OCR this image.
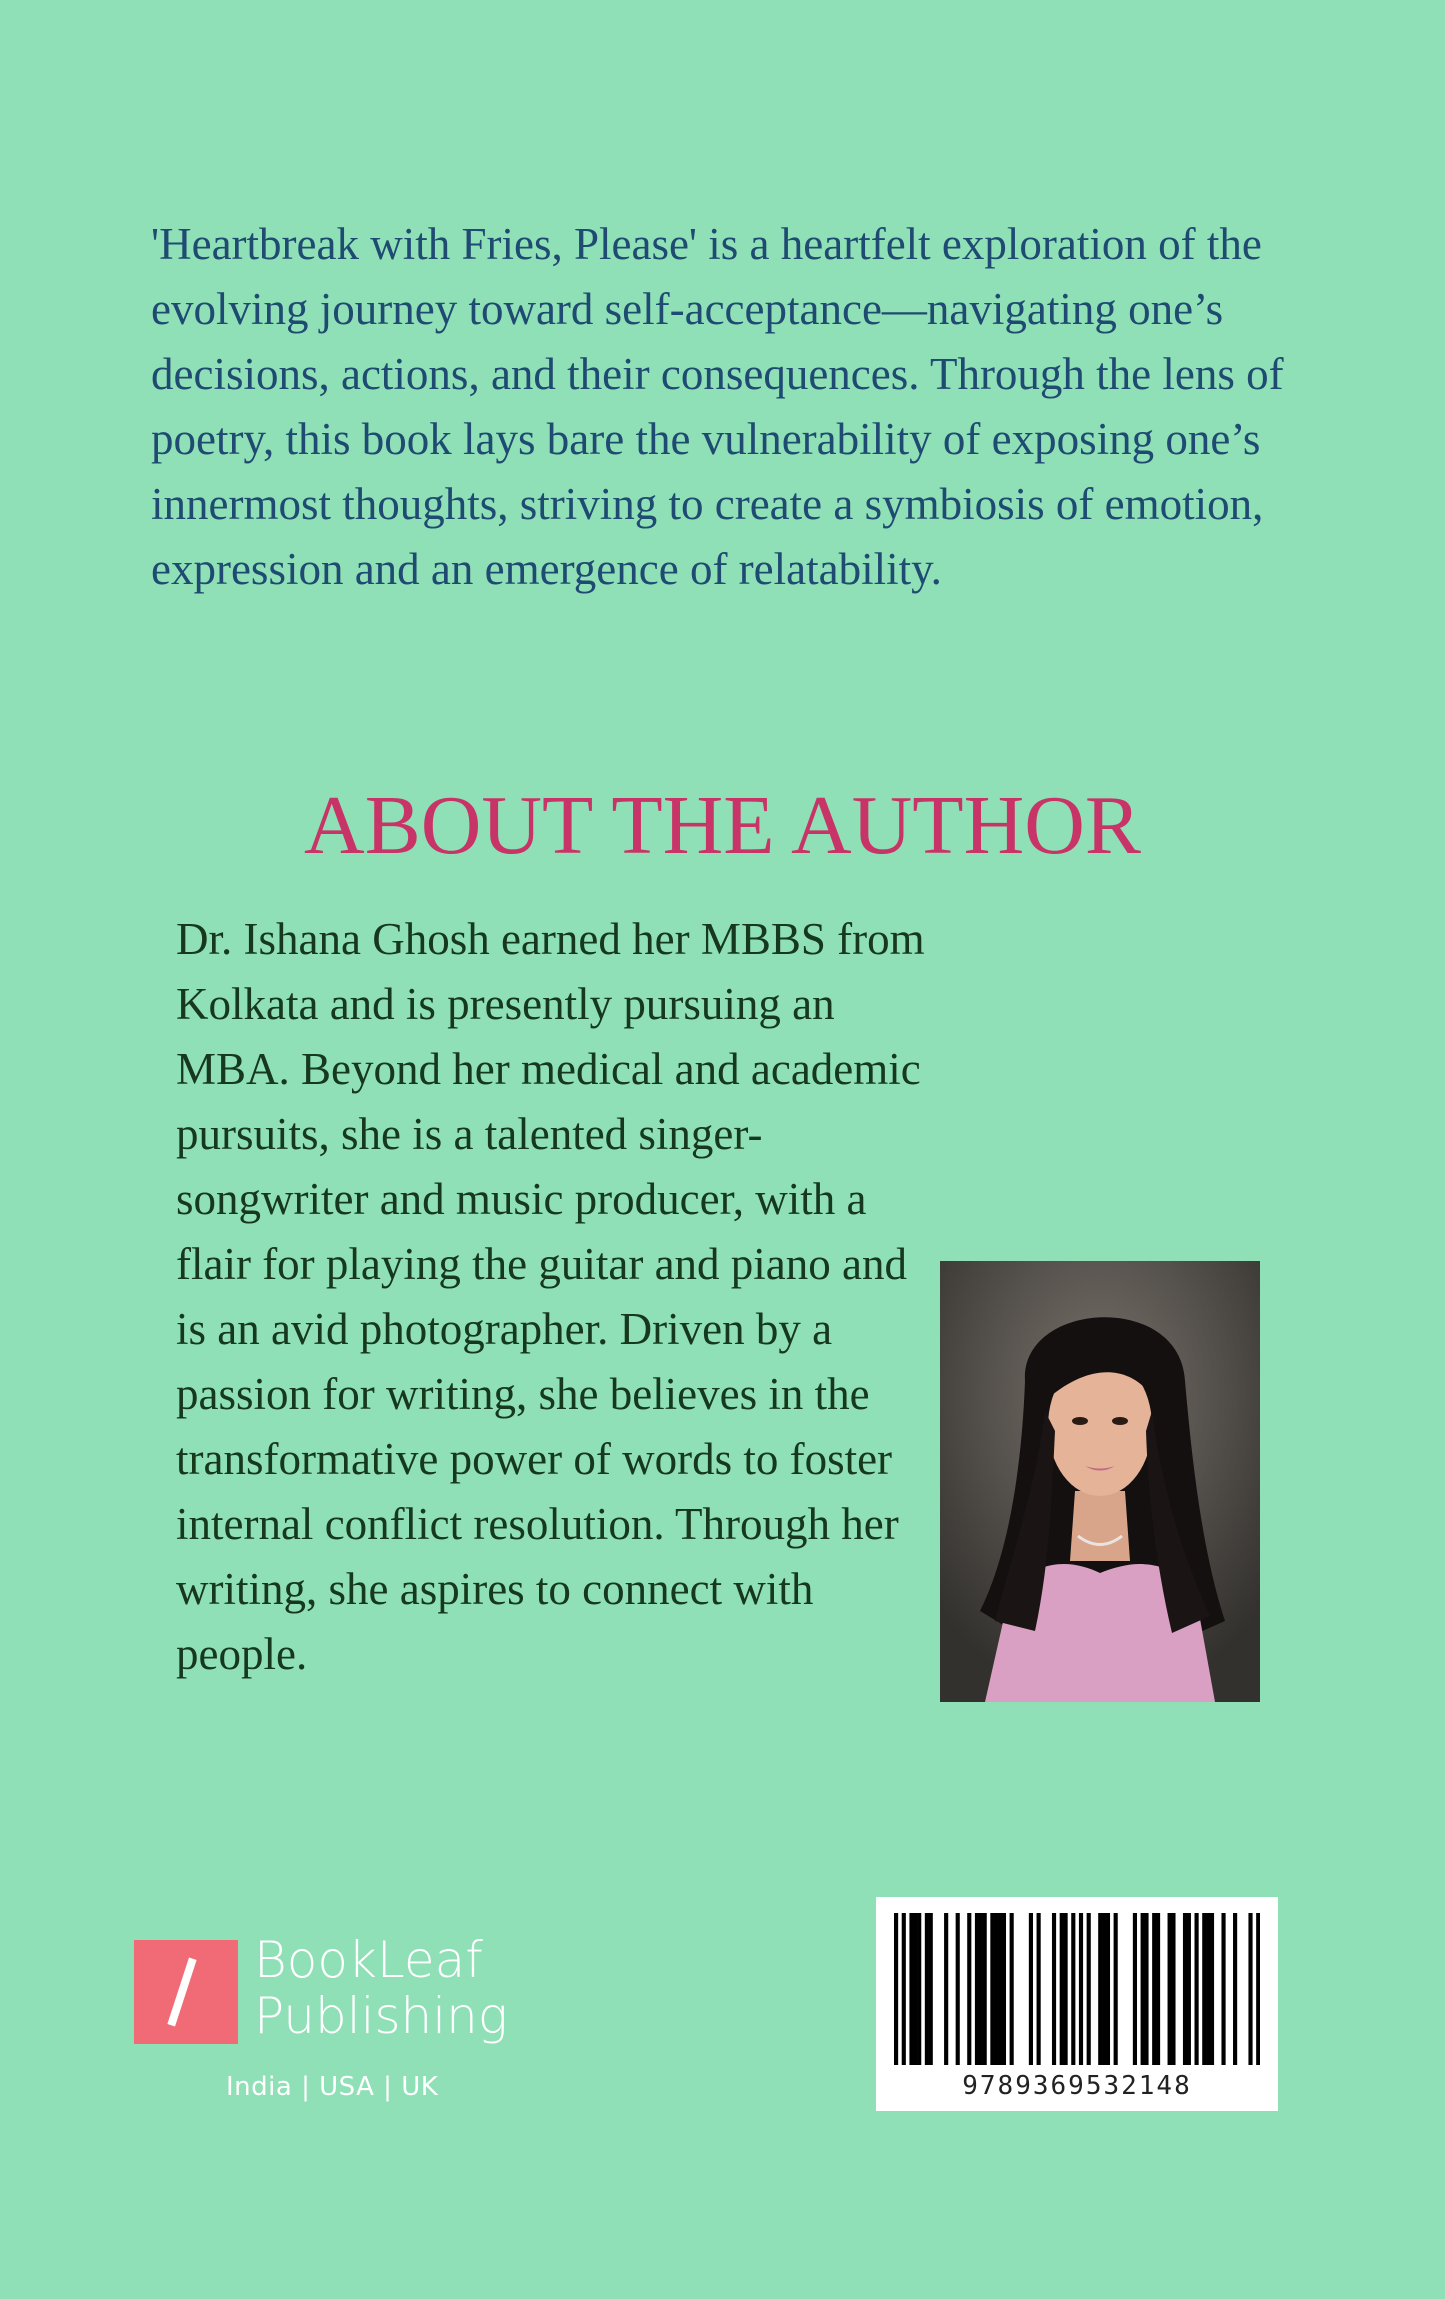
'Heartbreak with Fries, Please' is a heartfelt exploration of the evolving journey toward self-acceptance—navigating one’s decisions, actions, and their consequences. Through the lens of poetry, this book lays bare the vulnerability of exposing one’s innermost thoughts, striving to create a symbiosis of emotion, expression and an emergence of relatability.

ABOUT THE AUTHOR

Dr. Ishana Ghosh earned her MBBS from Kolkata and is presently pursuing an MBA. Beyond her medical and academic pursuits, she is a talented singer-songwriter and music producer, with a flair for playing the guitar and piano and is an avid photographer. Driven by a passion for writing, she believes in the transformative power of words to foster internal conflict resolution. Through her writing, she aspires to connect with people.

BookLeaf
Publishing
India | USA | UK	9789369532148
